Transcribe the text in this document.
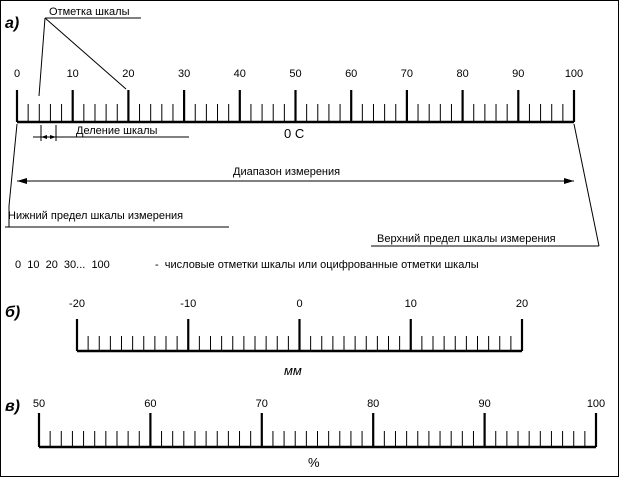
а)
б)
в)
0	10	20	30	40	50	60	70	80	90	100
Отметка шкалы
Деление шкалы	0 С
Диапазон измерения
Нижний предел шкалы измерения
Верхний предел шкалы измерения
0  10  20  30...  100	-  числовые отметки шкалы или оцифрованные отметки шкалы
-20	-10	0	10	20
мм
50	60	70	80	90	100
%
